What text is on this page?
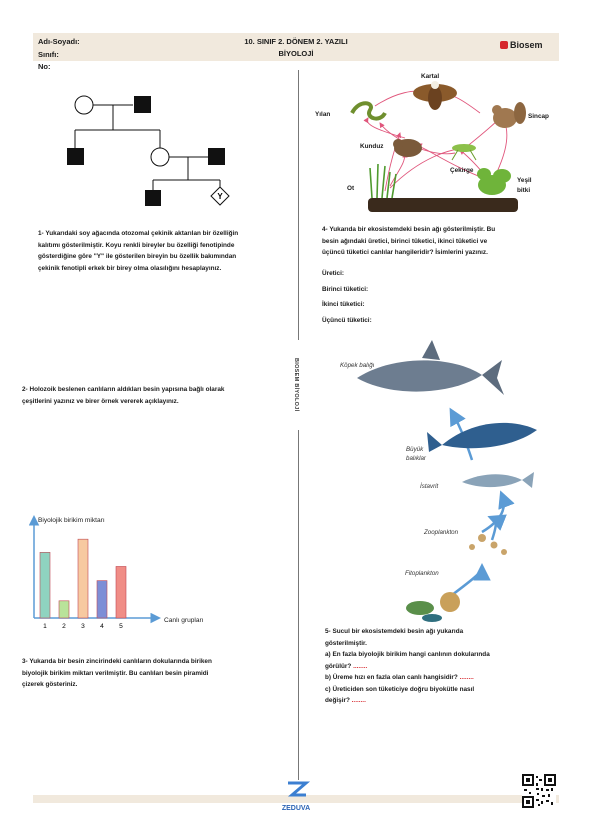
Adı-Soyadı:
Sınıfı:
No:
10. SINIF 2. DÖNEM 2. YAZILI
BİYOLOJİ
Biosem
BIOSEM BİYOLOJİ
Y
1- Yukarıdaki soy ağacında otozomal çekinik aktarılan bir özelliğin
kalıtımı gösterilmiştir. Koyu renkli bireyler bu özelliği fenotipinde
gösterdiğine göre "Y" ile gösterilen bireyin bu özellik bakımından
çekinik fenotipli erkek bir birey olma olasılığını hesaplayınız.
Kartal
Yılan	Sincap
Kunduz
Çekirge
Ot
Yeşil
bitki
4- Yukarıda bir ekosistemdeki besin ağı gösterilmiştir. Bu
besin ağındaki üretici, birinci tüketici, ikinci tüketici ve
üçüncü tüketici canlılar hangileridir? İsimlerini yazınız.
Üretici:
Birinci tüketici:
İkinci tüketici:
Üçüncü tüketici:
2- Holozoik beslenen canlıların aldıkları besin yapısına bağlı olarak
çeşitlerini yazınız ve birer örnek vererek açıklayınız.
Köpek balığı
Büyük
balıklar
İstavrit
Zooplankton
Fitoplankton
1 2 3 4 5
Biyolojik birikim miktarı
Canlı grupları
3- Yukarıda bir besin zincirindeki canlıların dokularında biriken
biyolojik birikim miktarı verilmiştir. Bu canlıları besin piramidi
çizerek gösteriniz.
5- Sucul bir ekosistemdeki besin ağı yukarıda
gösterilmiştir.
a) En fazla biyolojik birikim hangi canlının dokularında
görülür? ........
b) Üreme hızı en fazla olan canlı hangisidir? ........
c) Üreticiden son tüketiciye doğru biyokütle nasıl
değişir? ........
ZEDUVA
